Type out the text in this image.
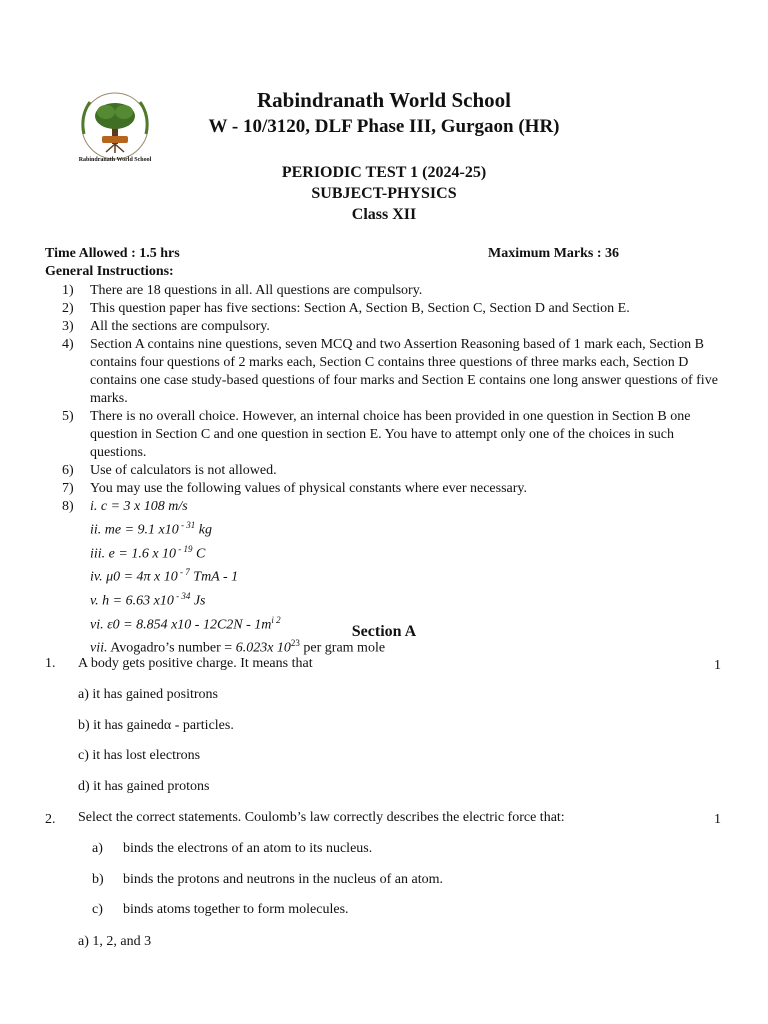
Rabindranath World School
Rabindranath World School
W - 10/3120, DLF Phase III, Gurgaon (HR)
PERIODIC TEST 1 (2024-25)
SUBJECT-PHYSICS
Class XII
Time Allowed : 1.5 hrs	Maximum Marks : 36
General Instructions:
1)	There are 18 questions in all. All questions are compulsory.
2)	This question paper has five sections: Section A, Section B, Section C, Section D and Section E.
3)	All the sections are compulsory.
4)	Section A contains nine questions, seven MCQ and two Assertion Reasoning based of 1 mark each, Section B contains four questions of 2 marks each, Section C contains three questions of three marks each, Section D contains one case study-based questions of four marks and Section E contains one long answer questions of five marks.
5)	There is no overall choice. However, an internal choice has been provided in one question in Section B one question in Section C and one question in section E. You have to attempt only one of the choices in such questions.
6)	Use of calculators is not allowed.
7)	You may use the following values of physical constants where ever necessary.
8)	i. c = 3 x 108 m/s
ii. me = 9.1 x10 $^{- 31}$ kg
iii. e = 1.6 x 10 $^{- 19}$ C
iv. μ0 = 4π x 10 $^{- 7}$ TmA - 1
v. h = 6.63 x10 $^{- 34}$ Js
vi. ε0 = 8.854 $x10 - 12C2N - 1m^{i 2}$
vii. Avogadro’s number = 6.023x $10^{23}$ per gram mole
Section A
1. A body gets positive charge. It means that	1
a) it has gained positrons
b) it has gainedα - particles.
c) it has lost electrons
d) it has gained protons
2. Select the correct statements. Coulomb’s law correctly describes the electric force that:	1
a) binds the electrons of an atom to its nucleus.
b) binds the protons and neutrons in the nucleus of an atom.
c) binds atoms together to form molecules.
a) 1, 2, and 3
